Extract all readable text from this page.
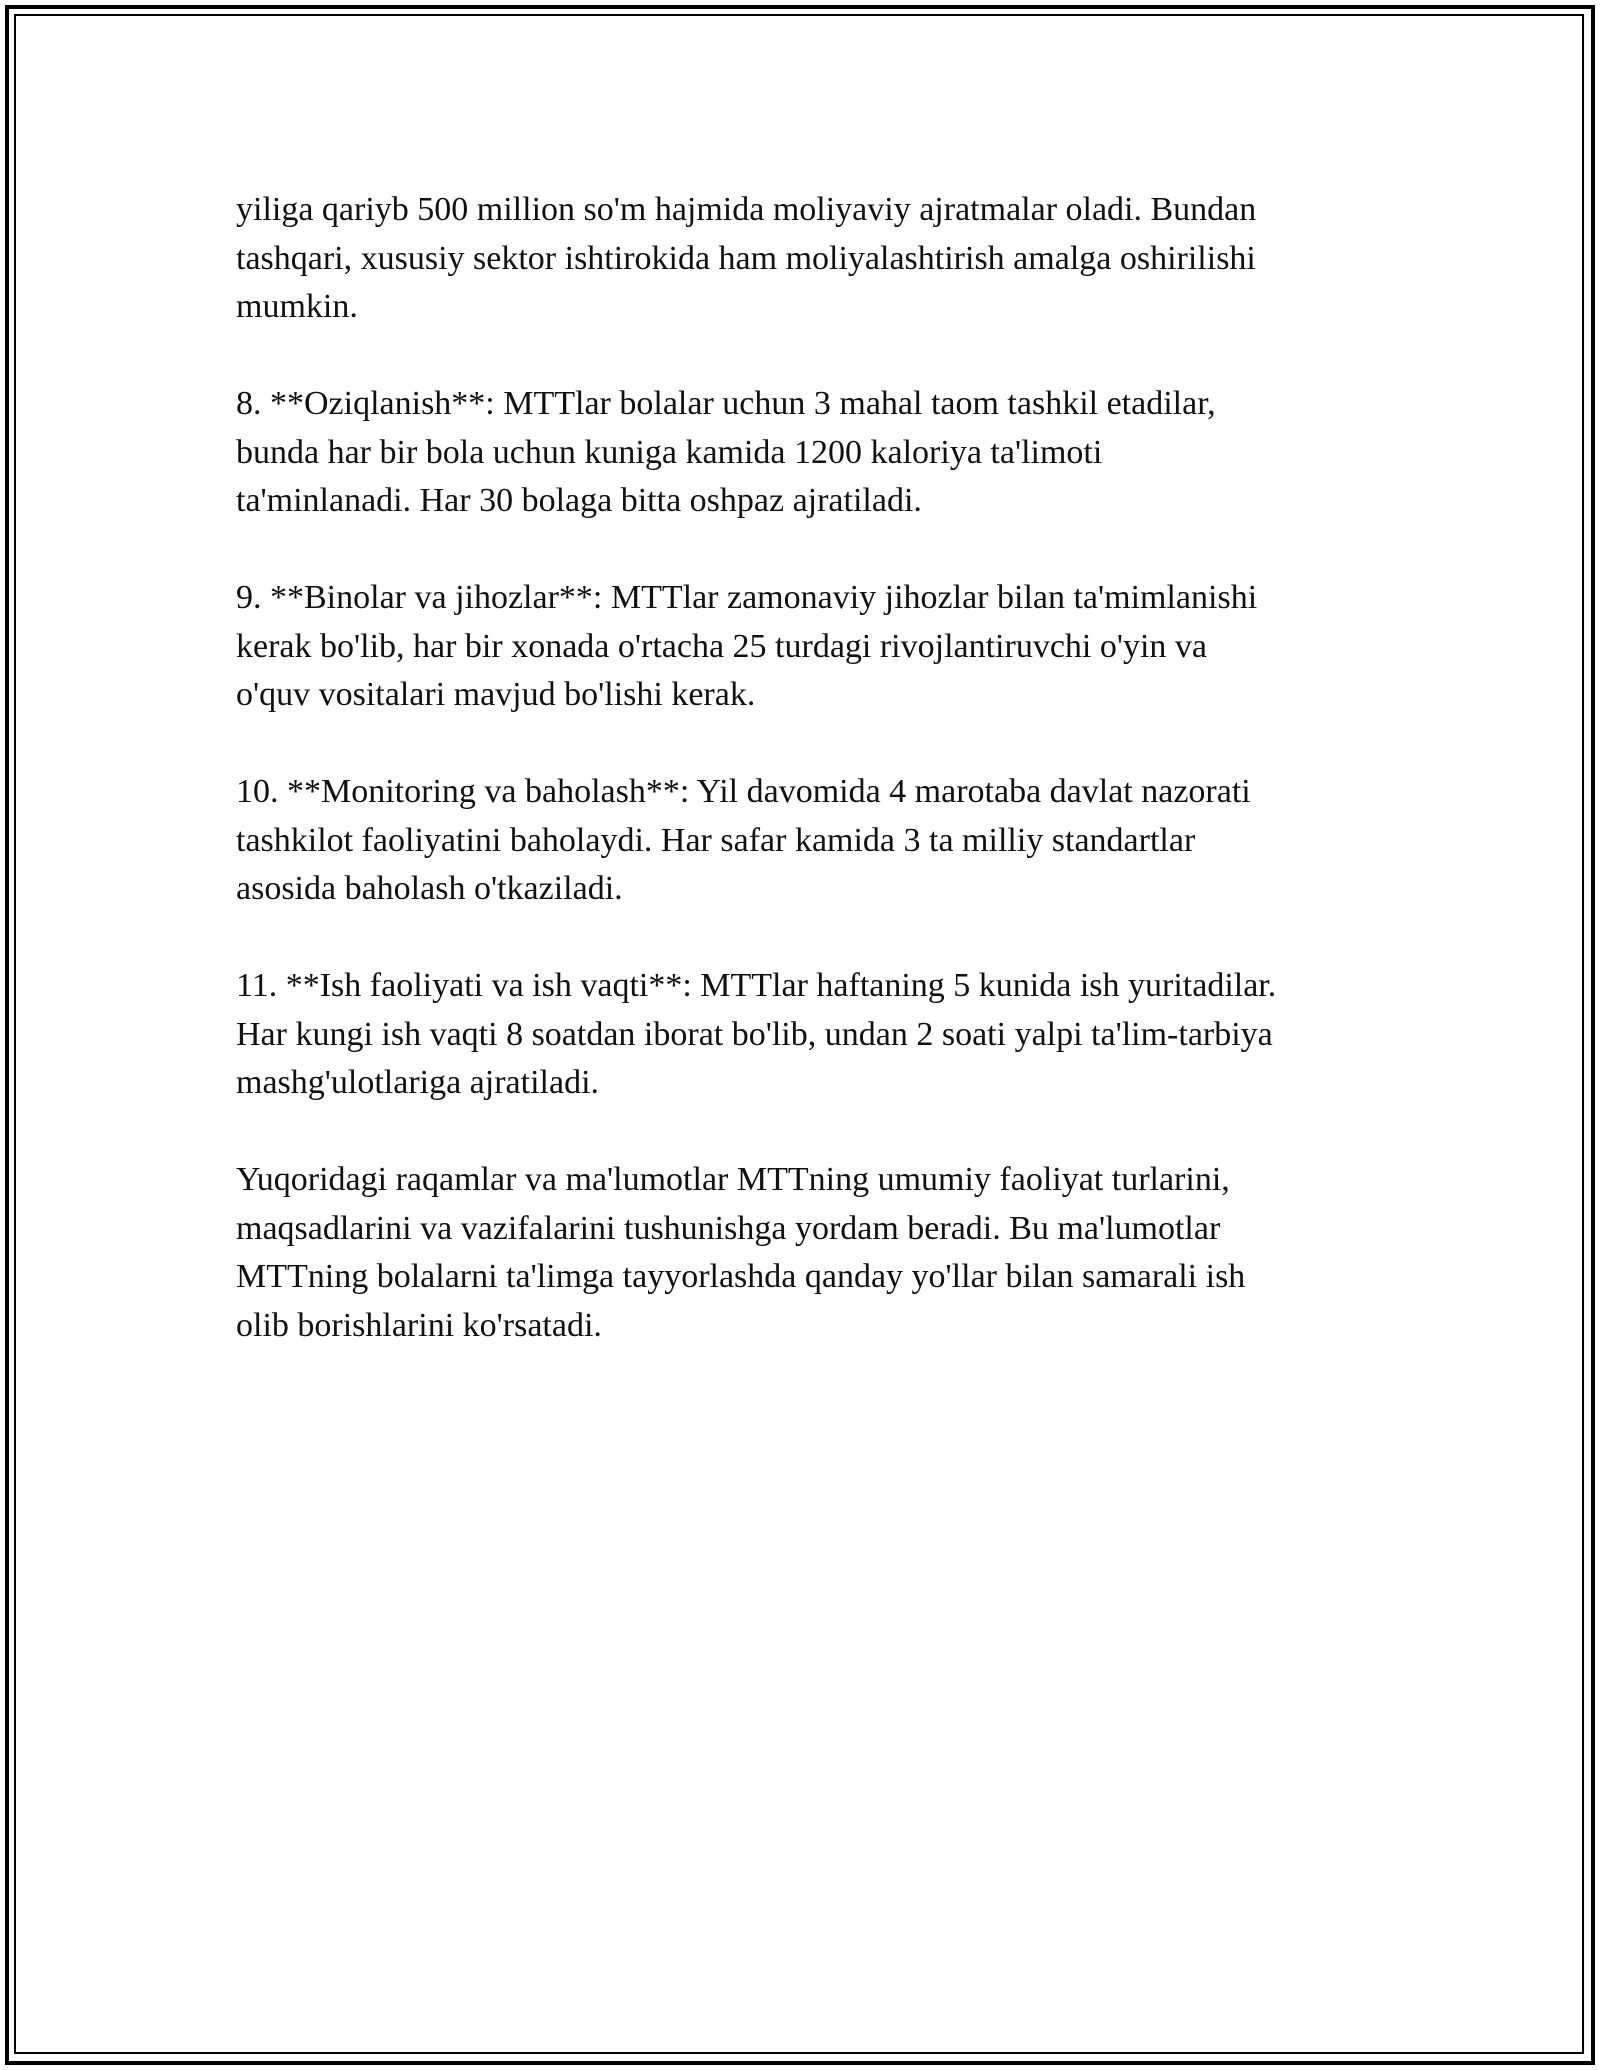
yiliga qariyb 500 million so'm hajmida moliyaviy ajratmalar oladi. Bundan
tashqari, xususiy sektor ishtirokida ham moliyalashtirish amalga oshirilishi
mumkin.

8. **Oziqlanish**: MTTlar bolalar uchun 3 mahal taom tashkil etadilar,
bunda har bir bola uchun kuniga kamida 1200 kaloriya ta'limoti
ta'minlanadi. Har 30 bolaga bitta oshpaz ajratiladi.

9. **Binolar va jihozlar**: MTTlar zamonaviy jihozlar bilan ta'mimlanishi
kerak bo'lib, har bir xonada o'rtacha 25 turdagi rivojlantiruvchi o'yin va
o'quv vositalari mavjud bo'lishi kerak.

10. **Monitoring va baholash**: Yil davomida 4 marotaba davlat nazorati
tashkilot faoliyatini baholaydi. Har safar kamida 3 ta milliy standartlar
asosida baholash o'tkaziladi.

11. **Ish faoliyati va ish vaqti**: MTTlar haftaning 5 kunida ish yuritadilar.
Har kungi ish vaqti 8 soatdan iborat bo'lib, undan 2 soati yalpi ta'lim-tarbiya
mashg'ulotlariga ajratiladi.

Yuqoridagi raqamlar va ma'lumotlar MTTning umumiy faoliyat turlarini,
maqsadlarini va vazifalarini tushunishga yordam beradi. Bu ma'lumotlar
MTTning bolalarni ta'limga tayyorlashda qanday yo'llar bilan samarali ish
olib borishlarini ko'rsatadi.
